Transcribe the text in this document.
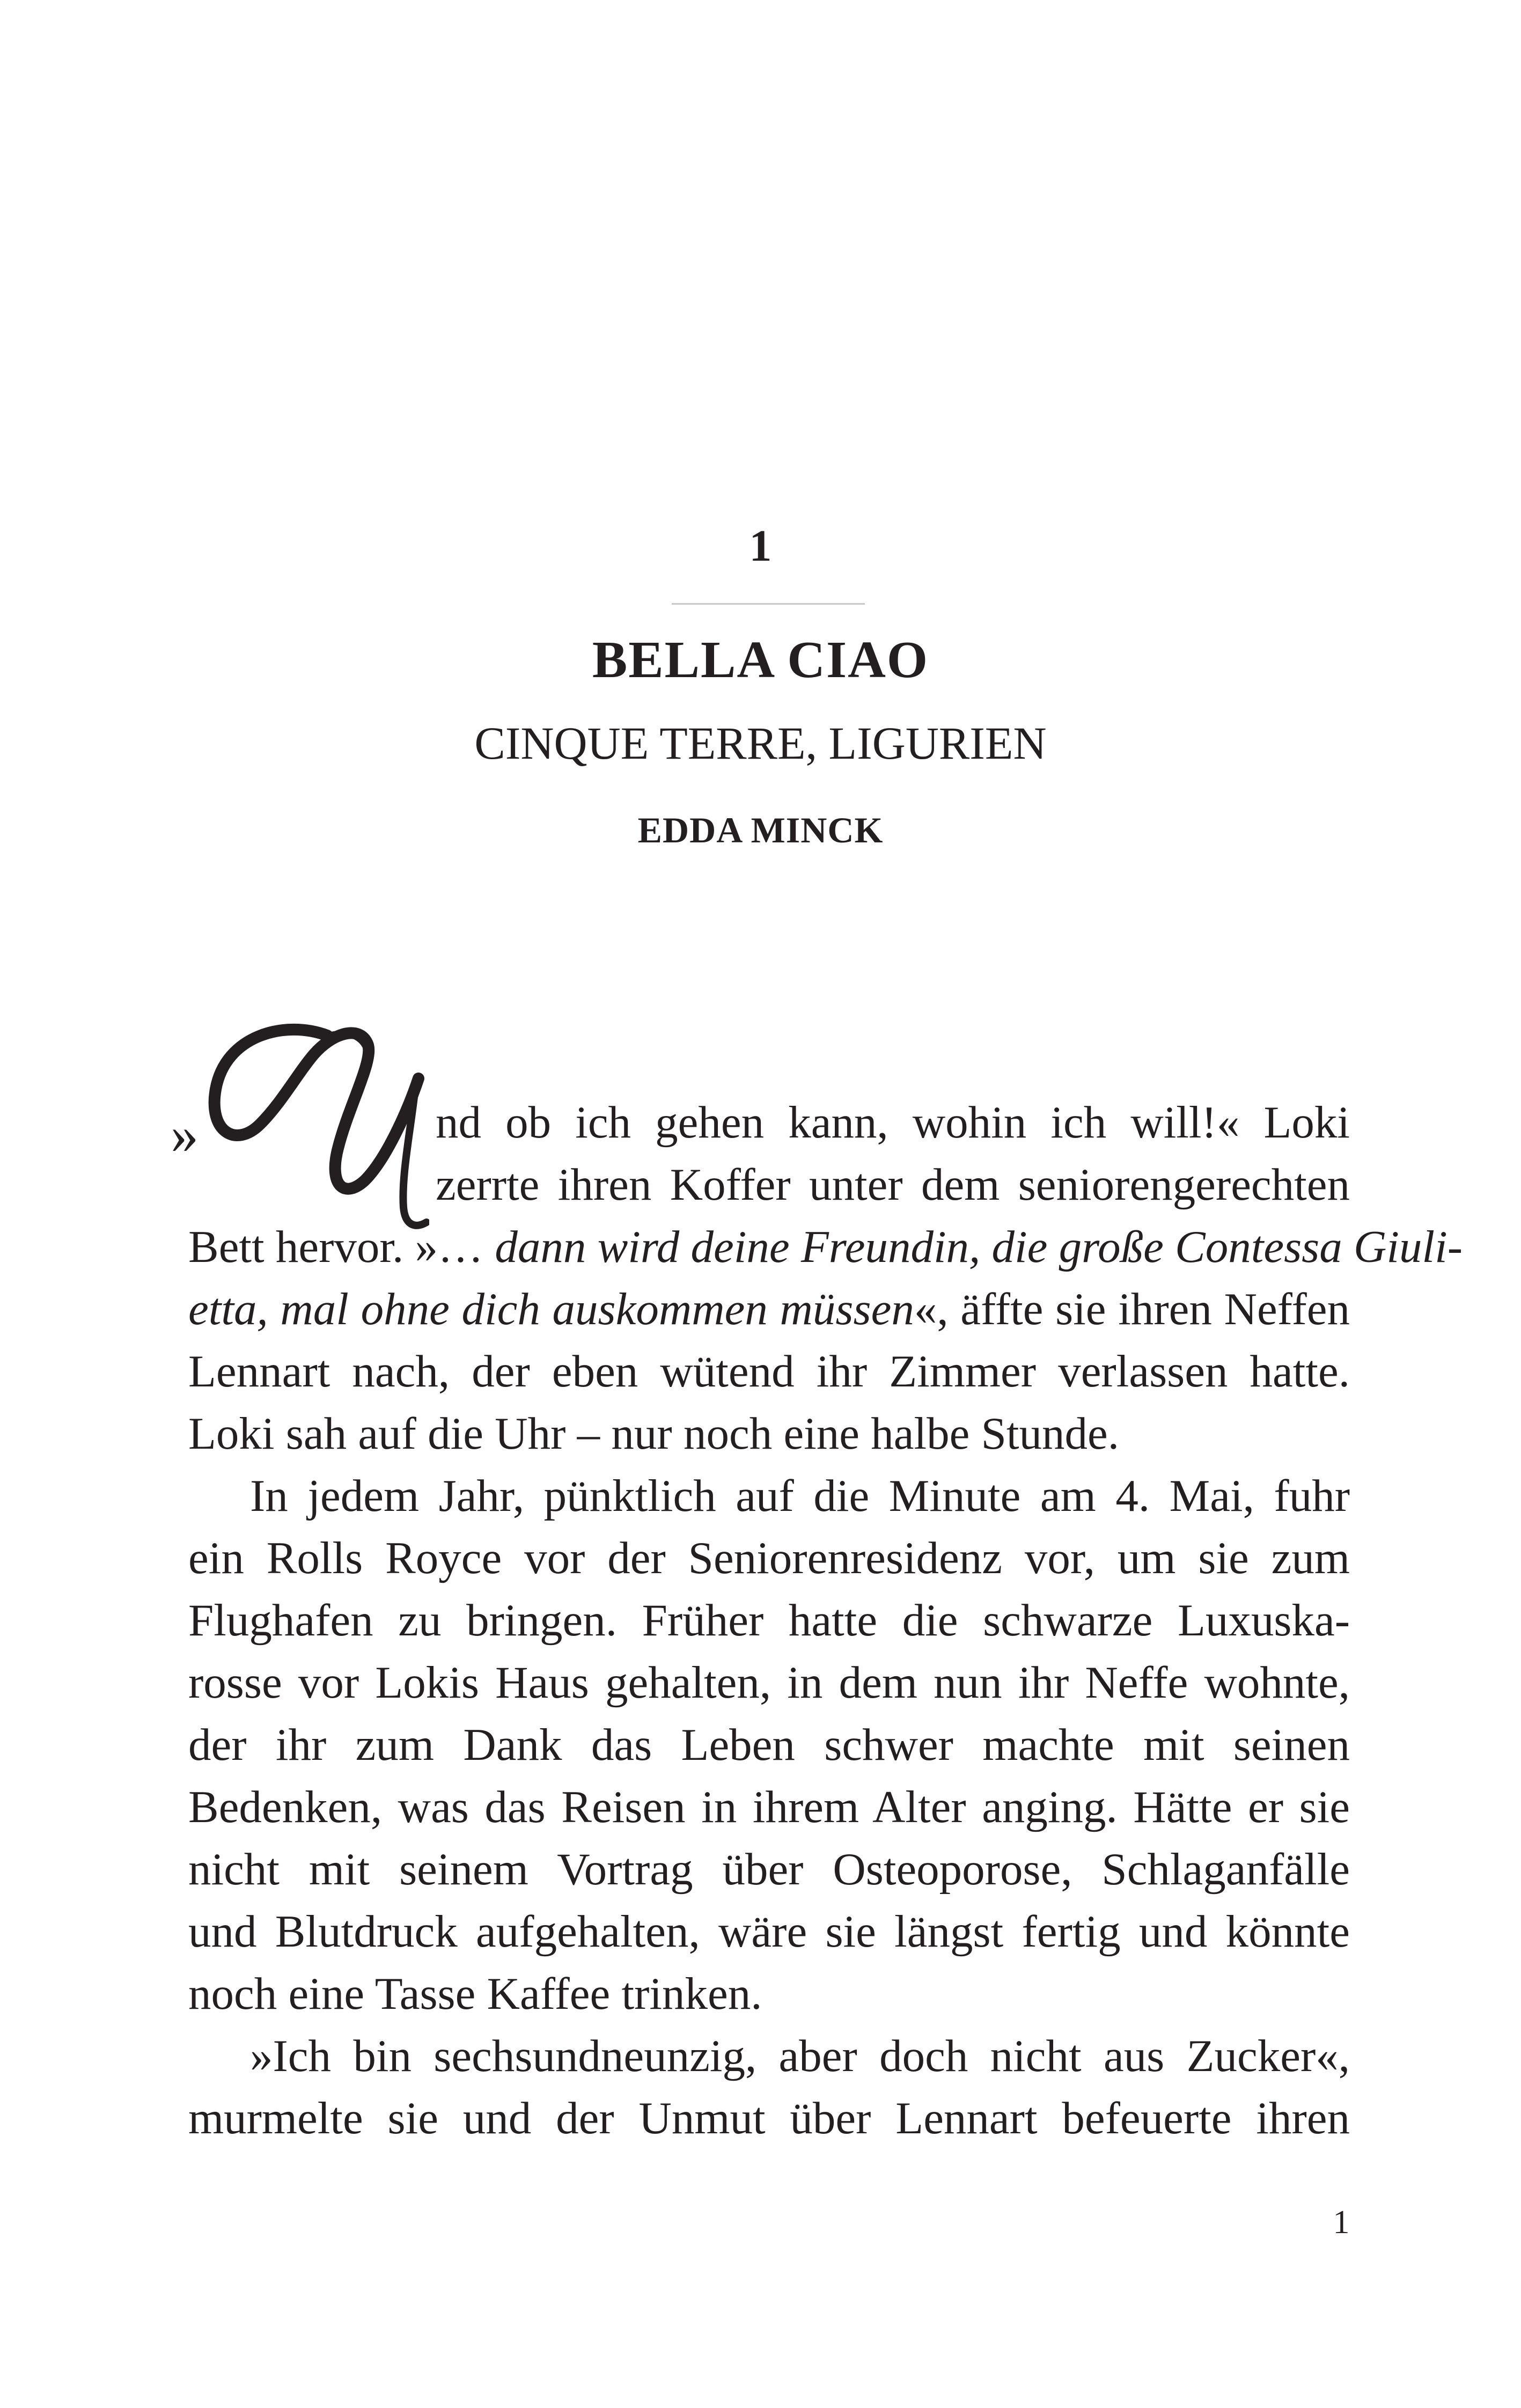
1
BELLA CIAO
CINQUE TERRE, LIGURIEN
EDDA MINCK
»	nd ob ich gehen kann, wohin ich will!« Loki
zerrte ihren Koffer unter dem seniorengerechten
Bett hervor. »… dann wird deine Freundin, die große Contessa Giuli-
etta, mal ohne dich auskommen müssen«, äffte sie ihren Neffen
Lennart nach, der eben wütend ihr Zimmer verlassen hatte.
Loki sah auf die Uhr – nur noch eine halbe Stunde.
In jedem Jahr, pünktlich auf die Minute am 4. Mai, fuhr
ein Rolls Royce vor der Seniorenresidenz vor, um sie zum
Flughafen zu bringen. Früher hatte die schwarze Luxuska-
rosse vor Lokis Haus gehalten, in dem nun ihr Neffe wohnte,
der ihr zum Dank das Leben schwer machte mit seinen
Bedenken, was das Reisen in ihrem Alter anging. Hätte er sie
nicht mit seinem Vortrag über Osteoporose, Schlaganfälle
und Blutdruck aufgehalten, wäre sie längst fertig und könnte
noch eine Tasse Kaffee trinken.
»Ich bin sechsundneunzig, aber doch nicht aus Zucker«,
murmelte sie und der Unmut über Lennart befeuerte ihren
1
